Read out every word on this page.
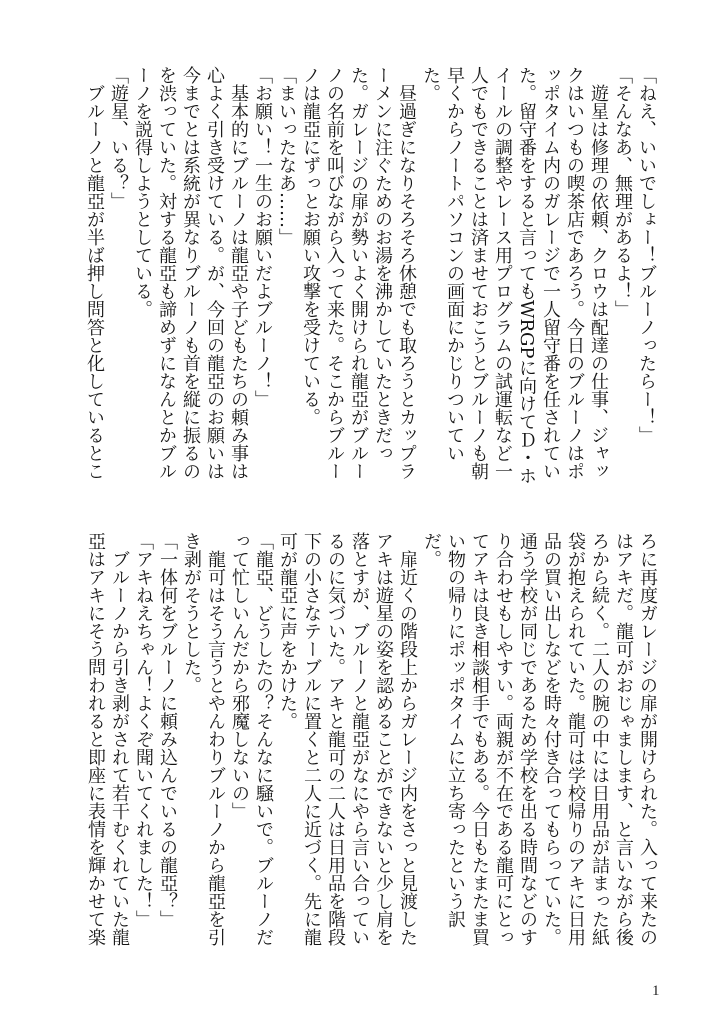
「ねえ、いいでしょー！ブルーノったらー！」
「そんなあ、無理があるよ！」
　遊星は修理の依頼、クロウは配達の仕事、ジャッ
クはいつもの喫茶店であろう。今日のブルーノはポ
ッポタイム内のガレージで一人留守番を任されてい
た。留守番をすると言ってもWRGPに向けてＤ・ホ
イールの調整やレース用プログラムの試運転など一
人でもできることは済ませておこうとブルーノも朝
早くからノートパソコンの画面にかじりついてい
た。
　昼過ぎになりそろそろ休憩でも取ろうとカップラ
ーメンに注ぐためのお湯を沸かしていたときだっ
た。ガレージの扉が勢いよく開けられ龍亞がブルー
ノの名前を叫びながら入って来た。そこからブルー
ノは龍亞にずっとお願い攻撃を受けている。
「まいったなあ……」
「お願い！一生のお願いだよブルーノ！」
　基本的にブルーノは龍亞や子どもたちの頼み事は
心よく引き受けている。が、今回の龍亞のお願いは
今までとは系統が異なりブルーノも首を縦に振るの
を渋っていた。対する龍亞も諦めずになんとかブル
ーノを説得しようとしている。
「遊星、いる？」
　ブルーノと龍亞が半ば押し問答と化しているとこ
ろに再度ガレージの扉が開けられた。入って来たの
はアキだ。龍可がおじゃまします、と言いながら後
ろから続く。二人の腕の中には日用品が詰まった紙
袋が抱えられていた。龍可は学校帰りのアキに日用
品の買い出しなどを時々付き合ってもらっていた。
通う学校が同じであるため学校を出る時間などのす
り合わせもしやすい。両親が不在である龍可にとっ
てアキは良き相談相手でもある。今日もたまたま買
い物の帰りにポッポタイムに立ち寄ったという訳
だ。
　扉近くの階段上からガレージ内をさっと見渡した
アキは遊星の姿を認めることができないと少し肩を
落とすが、ブルーノと龍亞がなにやら言い合ってい
るのに気づいた。アキと龍可の二人は日用品を階段
下の小さなテーブルに置くと二人に近づく。先に龍
可が龍亞に声をかけた。
「龍亞、どうしたの？そんなに騒いで。ブルーノだ
って忙しいんだから邪魔しないの」
　龍可はそう言うとやんわりブルーノから龍亞を引
き剥がそうとした。
「一体何をブルーノに頼み込んでいるの龍亞？」
「アキねえちゃん！よくぞ聞いてくれました！」
　ブルーノから引き剥がされて若干むくれていた龍
亞はアキにそう問われると即座に表情を輝かせて楽
1
